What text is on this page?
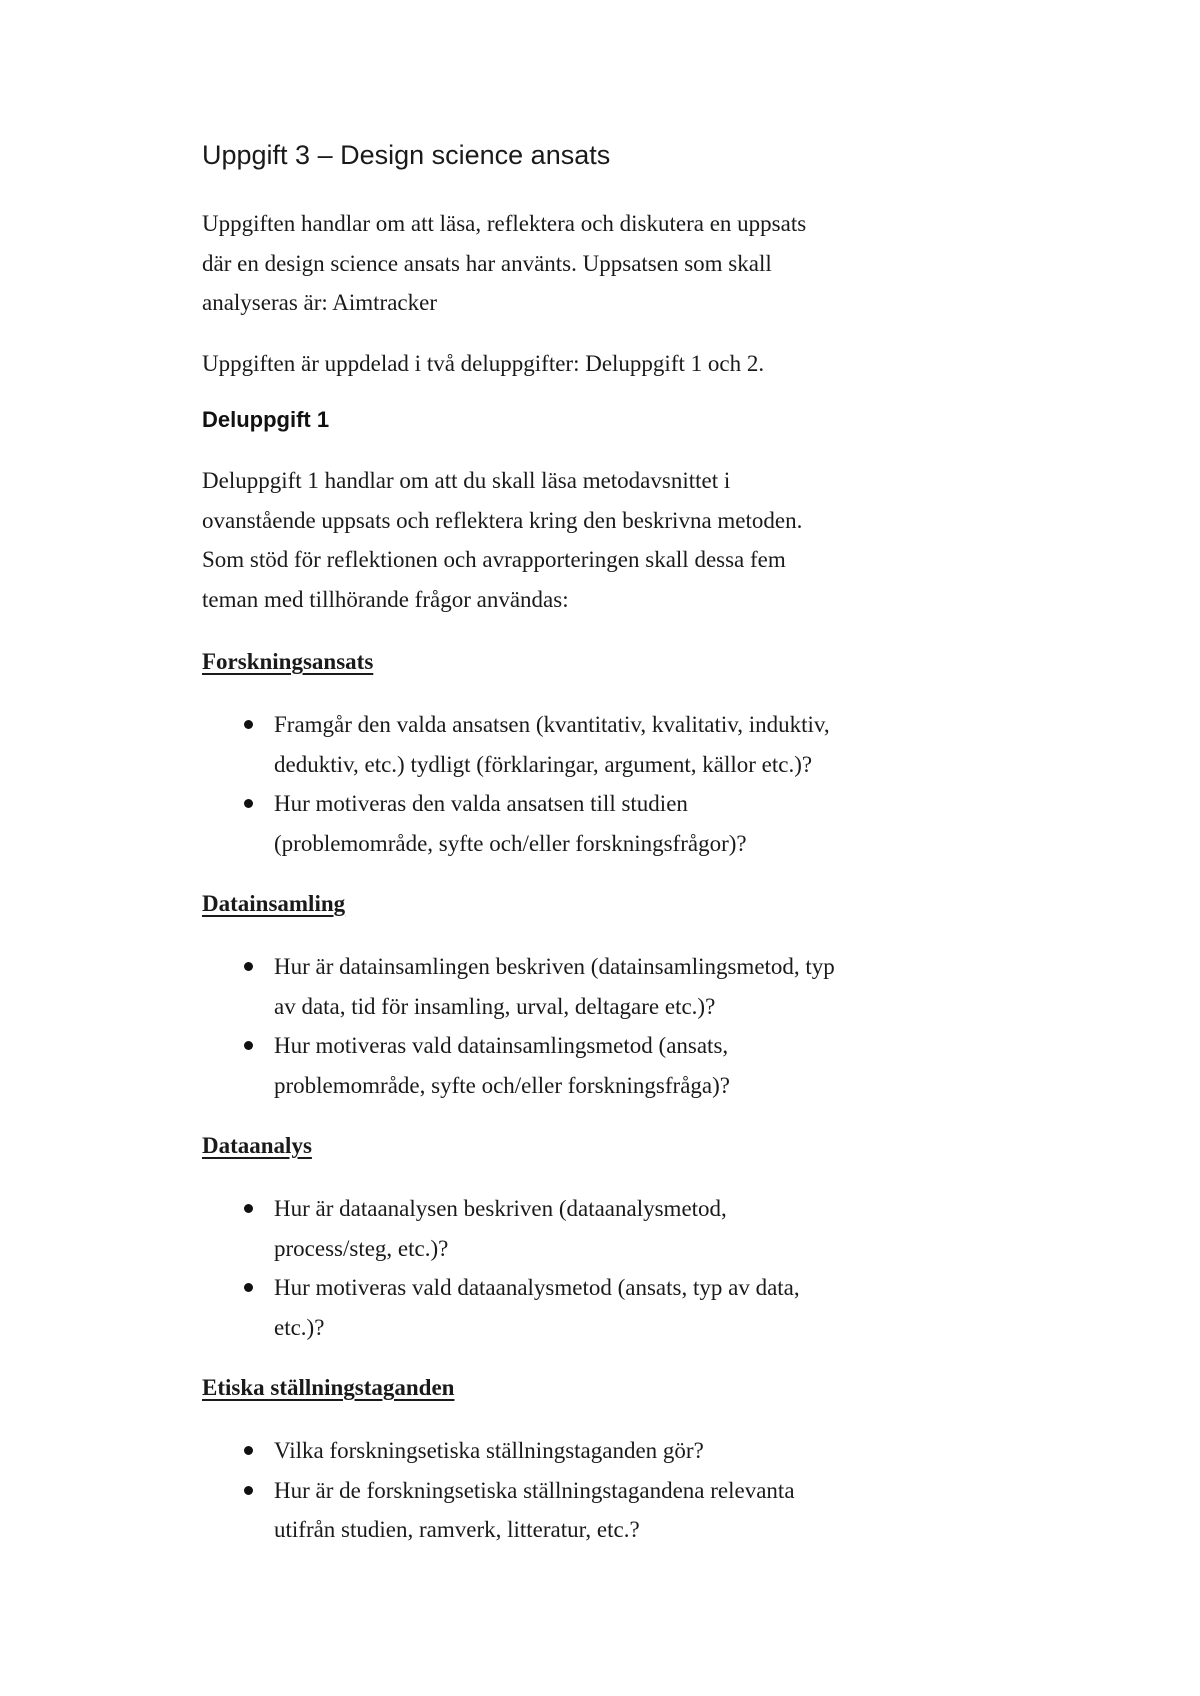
Uppgift 3 – Design science ansats

Uppgiften handlar om att läsa, reflektera och diskutera en uppsats
där en design science ansats har använts. Uppsatsen som skall
analyseras är: Aimtracker

Uppgiften är uppdelad i två deluppgifter: Deluppgift 1 och 2.

Deluppgift 1

Deluppgift 1 handlar om att du skall läsa metodavsnittet i
ovanstående uppsats och reflektera kring den beskrivna metoden.
Som stöd för reflektionen och avrapporteringen skall dessa fem
teman med tillhörande frågor användas:

Forskningsansats
Framgår den valda ansatsen (kvantitativ, kvalitativ, induktiv,
deduktiv, etc.) tydligt (förklaringar, argument, källor etc.)?
Hur motiveras den valda ansatsen till studien
(problemområde, syfte och/eller forskningsfrågor)?
Datainsamling
Hur är datainsamlingen beskriven (datainsamlingsmetod, typ
av data, tid för insamling, urval, deltagare etc.)?
Hur motiveras vald datainsamlingsmetod (ansats,
problemområde, syfte och/eller forskningsfråga)?
Dataanalys
Hur är dataanalysen beskriven (dataanalysmetod,
process/steg, etc.)?
Hur motiveras vald dataanalysmetod (ansats, typ av data,
etc.)?
Etiska ställningstaganden
Vilka forskningsetiska ställningstaganden gör?
Hur är de forskningsetiska ställningstagandena relevanta
utifrån studien, ramverk, litteratur, etc.?
